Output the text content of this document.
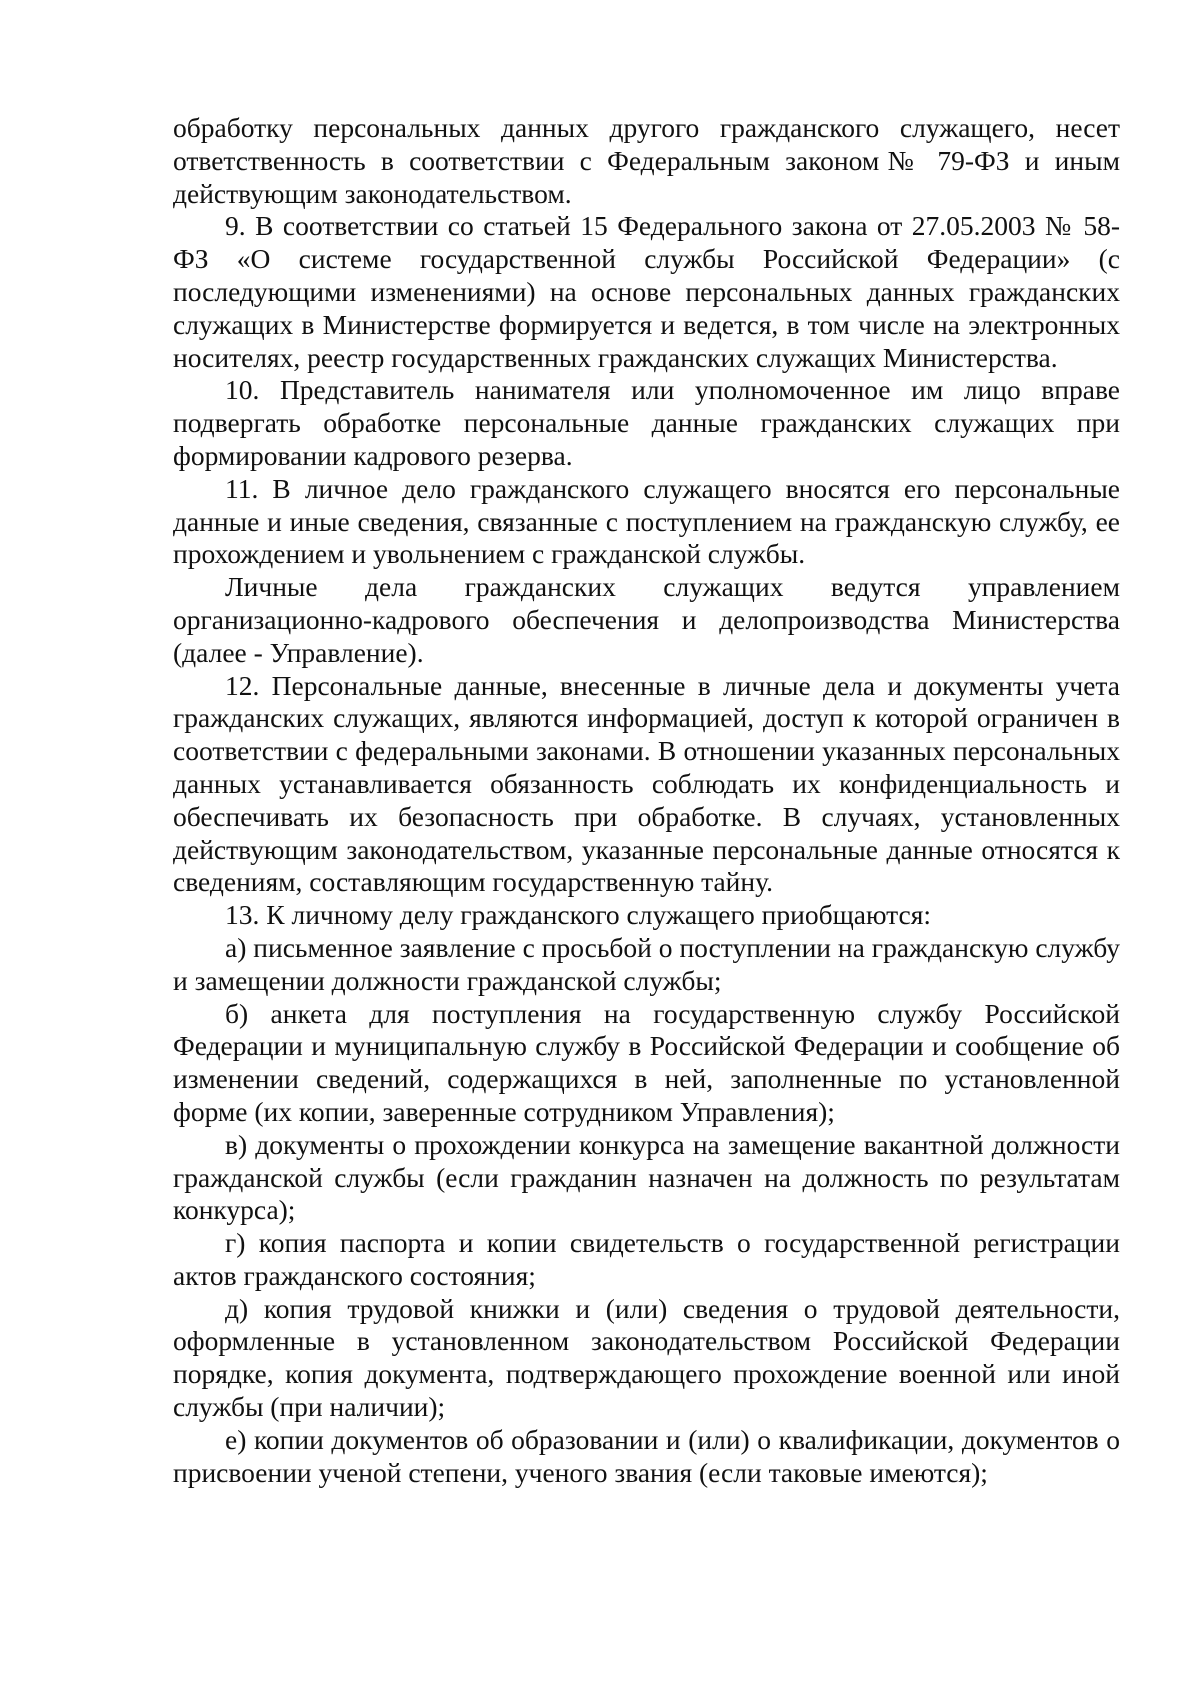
обработку персональных данных другого гражданского служащего, несет ответственность в соответствии с Федеральным законом№ 79-ФЗ и иным действующим законодательством.

9. В соответствии со статьей 15 Федерального закона от 27.05.2003 № 58-ФЗ «О системе государственной службы Российской Федерации» (с последующими изменениями) на основе персональных данных гражданских служащих в Министерстве формируется и ведется, в том числе на электронных носителях, реестр государственных гражданских служащих Министерства.

10. Представитель нанимателя или уполномоченное им лицо вправе подвергать обработке персональные данные гражданских служащих при формировании кадрового резерва.

11. В личное дело гражданского служащего вносятся его персональные данные и иные сведения, связанные с поступлением на гражданскую службу, ее прохождением и увольнением с гражданской службы.

Личные дела гражданских служащих ведутся управлением организационно-кадрового обеспечения и делопроизводства Министерства (далее - Управление).

12. Персональные данные, внесенные в личные дела и документы учета гражданских служащих, являются информацией, доступ к которой ограничен в соответствии с федеральными законами. В отношении указанных персональных данных устанавливается обязанность соблюдать их конфиденциальность и обеспечивать их безопасность при обработке. В случаях, установленных действующим законодательством, указанные персональные данные относятся к сведениям, составляющим государственную тайну.

13. К личному делу гражданского служащего приобщаются:

а) письменное заявление с просьбой о поступлении на гражданскую службу и замещении должности гражданской службы;

б) анкета для поступления на государственную службу Российской Федерации и муниципальную службу в Российской Федерации и сообщение об изменении сведений, содержащихся в ней, заполненные по установленной форме (их копии, заверенные сотрудником Управления);

в) документы о прохождении конкурса на замещение вакантной должности гражданской службы (если гражданин назначен на должность по результатам конкурса);

г) копия паспорта и копии свидетельств о государственной регистрации актов гражданского состояния;

д) копия трудовой книжки и (или) сведения о трудовой деятельности, оформленные в установленном законодательством Российской Федерации порядке, копия документа, подтверждающего прохождение военной или иной службы (при наличии);

е) копии документов об образовании и (или) о квалификации, документов о присвоении ученой степени, ученого звания (если таковые имеются);
